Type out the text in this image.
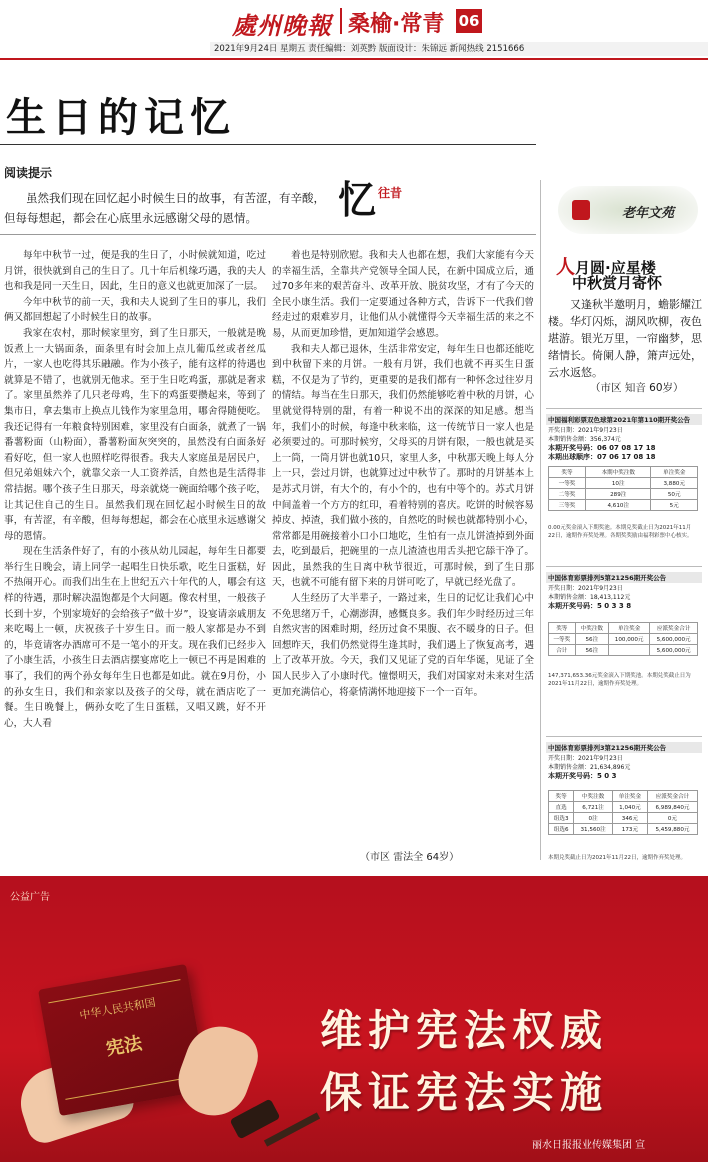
處州晚報 桑榆·常青 06
2021年9月24日 星期五 责任编辑：刘英黔 版面设计：朱锦远 新闻热线 2151666
生日的记忆
阅读提示
虽然我们现在回忆起小时候生日的故事，有苦涩，有辛酸，但每每想起，都会在心底里永远感谢父母的恩情。	忆 往昔

每年中秋节一过，便是我的生日了，小时候就知道，吃过月饼，很快就到自己的生日了。几十年后机缘巧遇，我的夫人也和我是同一天生日，因此，生日的意义也就更加深了一层。

今年中秋节的前一天，我和夫人说到了生日的事儿，我们俩又都回想起了小时候生日的故事。

我家在农村，那时候家里穷，到了生日那天，一般就是晚饭煮上一大锅面条，面条里有时会加上点儿葡瓜丝或者丝瓜片，一家人也吃得其乐融融。作为小孩子，能有这样的待遇也就算是不错了，也就别无他求。至于生日吃鸡蛋，那就是奢求了。家里虽然养了几只老母鸡，生下的鸡蛋要攒起来，等到了集市日，拿去集市上换点儿钱作为家里急用，哪舍得随便吃。我还记得有一年粮食特别困难，家里没有白面条，就煮了一锅番薯粉面（山粉面），番薯粉面灰突突的，虽然没有白面条好看好吃，但一家人也照样吃得很香。我夫人家庭虽是居民户，但兄弟姐妹六个，就靠父亲一人工资养活，自然也是生活得非常拮据。哪个孩子生日那天，母亲就烧一碗面给哪个孩子吃，让其记住自己的生日。虽然我们现在回忆起小时候生日的故事，有苦涩，有辛酸，但每每想起，都会在心底里永远感谢父母的恩情。

现在生活条件好了，有的小孩从幼儿园起，每年生日都要举行生日晚会，请上同学一起唱生日快乐歌，吃生日蛋糕，好不热闹开心。而我们出生在上世纪五六十年代的人，哪会有这样的待遇，那时解决温饱都是个大问题。像农村里，一般孩子长到十岁，个别家境好的会给孩子“做十岁”，设宴请亲戚朋友来吃喝上一顿，庆祝孩子十岁生日。而一般人家都是办不到的，毕竟请客办酒席可不是一笔小的开支。现在我们已经步入了小康生活，小孩生日去酒店摆宴席吃上一顿已不再是困难的事了，我们的两个孙女每年生日也都是如此。就在9月份，小的孙女生日，我们和亲家以及孩子的父母，就在酒店吃了一餐。生日晚餐上，俩孙女吃了生日蛋糕，又唱又跳，好不开心，大人看

着也是特别欣慰。我和夫人也都在想，我们大家能有今天的幸福生活，全靠共产党领导全国人民，在新中国成立后，通过70多年来的艰苦奋斗、改革开放、脱贫攻坚，才有了今天的全民小康生活。我们一定要通过各种方式，告诉下一代我们曾经走过的艰难岁月，让他们从小就懂得今天幸福生活的来之不易，从而更加珍惜，更加知道学会感恩。

我和夫人都已退休，生活非常安定，每年生日也都还能吃到中秋留下来的月饼。一般有月饼，我们也就不再买生日蛋糕，不仅是为了节约，更重要的是我们都有一种怀念过往岁月的情结。每当在生日那天，我们仍然能够吃着中秋的月饼，心里就觉得特别的甜，有着一种说不出的深深的知足感。想当年，我们小的时候，每逢中秋来临，这一传统节日一家人也是必须要过的。可那时候穷，父母买的月饼有限，一般也就是买上一筒，一筒月饼也就10只，家里人多，中秋那天晚上每人分上一只，尝过月饼，也就算过过中秋节了。那时的月饼基本上是苏式月饼，有大个的，有小个的，也有中等个的。苏式月饼中间盖着一个方方的红印，看着特别的喜庆。吃饼的时候容易掉皮、掉渣，我们做小孩的，自然吃的时候也就都特别小心，常常都是用碗接着小口小口地吃，生怕有一点儿饼渣掉到外面去，吃到最后，把碗里的一点儿渣渣也用舌头把它舔干净了。因此，虽然我的生日离中秋节很近，可那时候，到了生日那天，也就不可能有留下来的月饼可吃了，早就已经光盘了。

人生经历了大半辈子，一路过来，生日的记忆让我们心中不免思绪万千，心潮澎湃，感慨良多。我们年少时经历过三年自然灾害的困难时期，经历过食不果腹、衣不暖身的日子。但回想昨天，我们仍然觉得生逢其时，我们遇上了恢复高考，遇上了改革开放。今天，我们又见证了党的百年华诞，见证了全国人民步入了小康时代。憧憬明天，我们对国家对未来对生活更加充满信心，将豪情满怀地迎接下一个一百年。

（市区 雷法全 64岁）
老年文苑
人月圆·应星楼
中秋赏月寄怀
又逢秋半邀明月，蟾影耀江楼。华灯闪烁，湖风吹柳，夜色堪游。银光万里，一帘幽梦，思绪情长。倚阑人静，箫声远处，云水返悠。
（市区 知音 60岁）
中国福利彩票双色球第2021年第110期开奖公告
开奖日期：2021年9月23日
本期销售金额：356,374元
本期开奖号码：06 07 08 17 18
本期出球顺序：07 06 17 08 18
奖等	本期中奖注数	单注奖金
一等奖	10注	3,880元
二等奖	289注	50元
三等奖	4,610注	5元
0.00元奖金滚入下期奖池。本期兑奖截止日为2021年11月22日，逾期作弃奖处理。各期奖奖励由福利彩票中心核实。
中国体育彩票排列5第21256期开奖公告
开奖日期：2021年9月23日
本期销售金额：18,413,112元
本期开奖号码：5 0 3 3 8
奖等	中奖注数	单注奖金	应派奖金合计
一等奖	56注	100,000元	5,600,000元
合计	56注		5,600,000元
147,371,653.36元奖金滚入下期奖池。本期兑奖截止日为2021年11月22日，逾期作弃奖处理。
中国体育彩票排列3第21256期开奖公告
开奖日期：2021年9月23日
本期销售金额：21,634,896元
本期开奖号码：5 0 3
奖等	中奖注数	单注奖金	应派奖金合计
直选	6,721注	1,040元	6,989,840元
组选3	0注	346元	0元
组选6	31,560注	173元	5,459,880元
本期兑奖截止日为2021年11月22日，逾期作弃奖处理。
公益广告
中华人民共和国
宪法	维护宪法权威
保证宪法实施
丽水日报报业传媒集团 宣
